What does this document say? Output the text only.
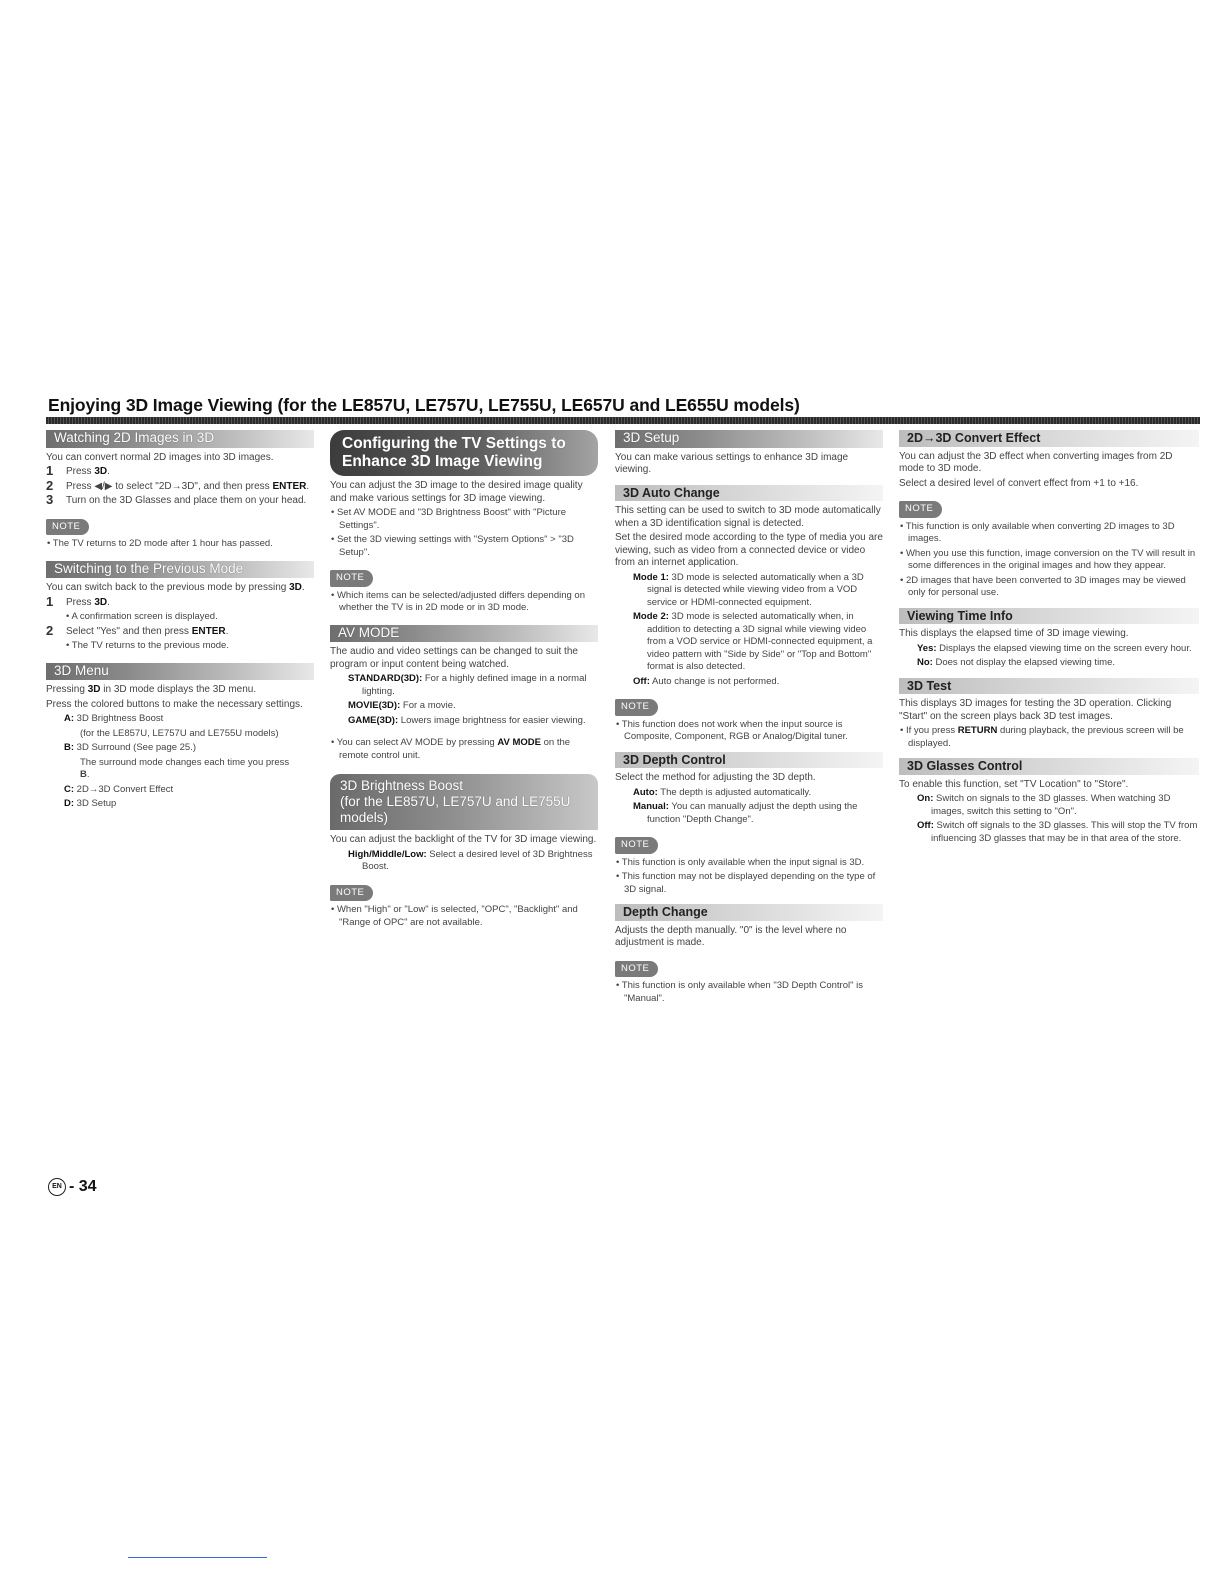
Enjoying 3D Image Viewing (for the LE857U, LE757U, LE755U, LE657U and LE655U models)
Watching 2D Images in 3D

You can convert normal 2D images into 3D images.

1 Press 3D.
2 Press ◀/▶ to select "2D→3D", and then press ENTER.
3 Turn on the 3D Glasses and place them on your head.
NOTE
• The TV returns to 2D mode after 1 hour has passed.
Switching to the Previous Mode

You can switch back to the previous mode by pressing 3D.

1 Press 3D.
• A confirmation screen is displayed.
2 Select "Yes" and then press ENTER.
• The TV returns to the previous mode.
3D Menu

Pressing 3D in 3D mode displays the 3D menu.

Press the colored buttons to make the necessary settings.

A: 3D Brightness Boost
(for the LE857U, LE757U and LE755U models)
B: 3D Surround (See page 25.)
The surround mode changes each time you press
B.
C: 2D→3D Convert Effect
D: 3D Setup
Configuring the TV Settings to Enhance 3D Image Viewing

You can adjust the 3D image to the desired image quality and make various settings for 3D image viewing.

• Set AV MODE and "3D Brightness Boost" with "Picture Settings".
• Set the 3D viewing settings with "System Options" > "3D Setup".
NOTE
• Which items can be selected/adjusted differs depending on whether the TV is in 2D mode or in 3D mode.
AV MODE

The audio and video settings can be changed to suit the program or input content being watched.

STANDARD(3D): For a highly defined image in a normal lighting.
MOVIE(3D): For a movie.
GAME(3D): Lowers image brightness for easier viewing.
• You can select AV MODE by pressing AV MODE on the remote control unit.
3D Brightness Boost
(for the LE857U, LE757U and LE755U models)

You can adjust the backlight of the TV for 3D image viewing.

High/Middle/Low: Select a desired level of 3D Brightness Boost.
NOTE
• When "High" or "Low" is selected, "OPC", "Backlight" and "Range of OPC" are not available.
3D Setup

You can make various settings to enhance 3D image viewing.

3D Auto Change

This setting can be used to switch to 3D mode automatically when a 3D identification signal is detected.

Set the desired mode according to the type of media you are viewing, such as video from a connected device or video from an internet application.

Mode 1: 3D mode is selected automatically when a 3D signal is detected while viewing video from a VOD service or HDMI-connected equipment.
Mode 2: 3D mode is selected automatically when, in addition to detecting a 3D signal while viewing video from a VOD service or HDMI-connected equipment, a video pattern with "Side by Side" or "Top and Bottom" format is also detected.
Off: Auto change is not performed.
NOTE
• This function does not work when the input source is Composite, Component, RGB or Analog/Digital tuner.
3D Depth Control

Select the method for adjusting the 3D depth.

Auto: The depth is adjusted automatically.
Manual: You can manually adjust the depth using the function "Depth Change".
NOTE
• This function is only available when the input signal is 3D.
• This function may not be displayed depending on the type of 3D signal.
Depth Change

Adjusts the depth manually. "0" is the level where no adjustment is made.

NOTE
• This function is only available when "3D Depth Control" is "Manual".
2D→3D Convert Effect

You can adjust the 3D effect when converting images from 2D mode to 3D mode.

Select a desired level of convert effect from +1 to +16.

NOTE
• This function is only available when converting 2D images to 3D images.
• When you use this function, image conversion on the TV will result in some differences in the original images and how they appear.
• 2D images that have been converted to 3D images may be viewed only for personal use.
Viewing Time Info

This displays the elapsed time of 3D image viewing.

Yes: Displays the elapsed viewing time on the screen every hour.
No: Does not display the elapsed viewing time.
3D Test

This displays 3D images for testing the 3D operation. Clicking "Start" on the screen plays back 3D test images.

• If you press RETURN during playback, the previous screen will be displayed.
3D Glasses Control

To enable this function, set "TV Location" to "Store".

On: Switch on signals to the 3D glasses. When watching 3D images, switch this setting to "On".
Off: Switch off signals to the 3D glasses. This will stop the TV from influencing 3D glasses that may be in that area of the store.
EN - 34
